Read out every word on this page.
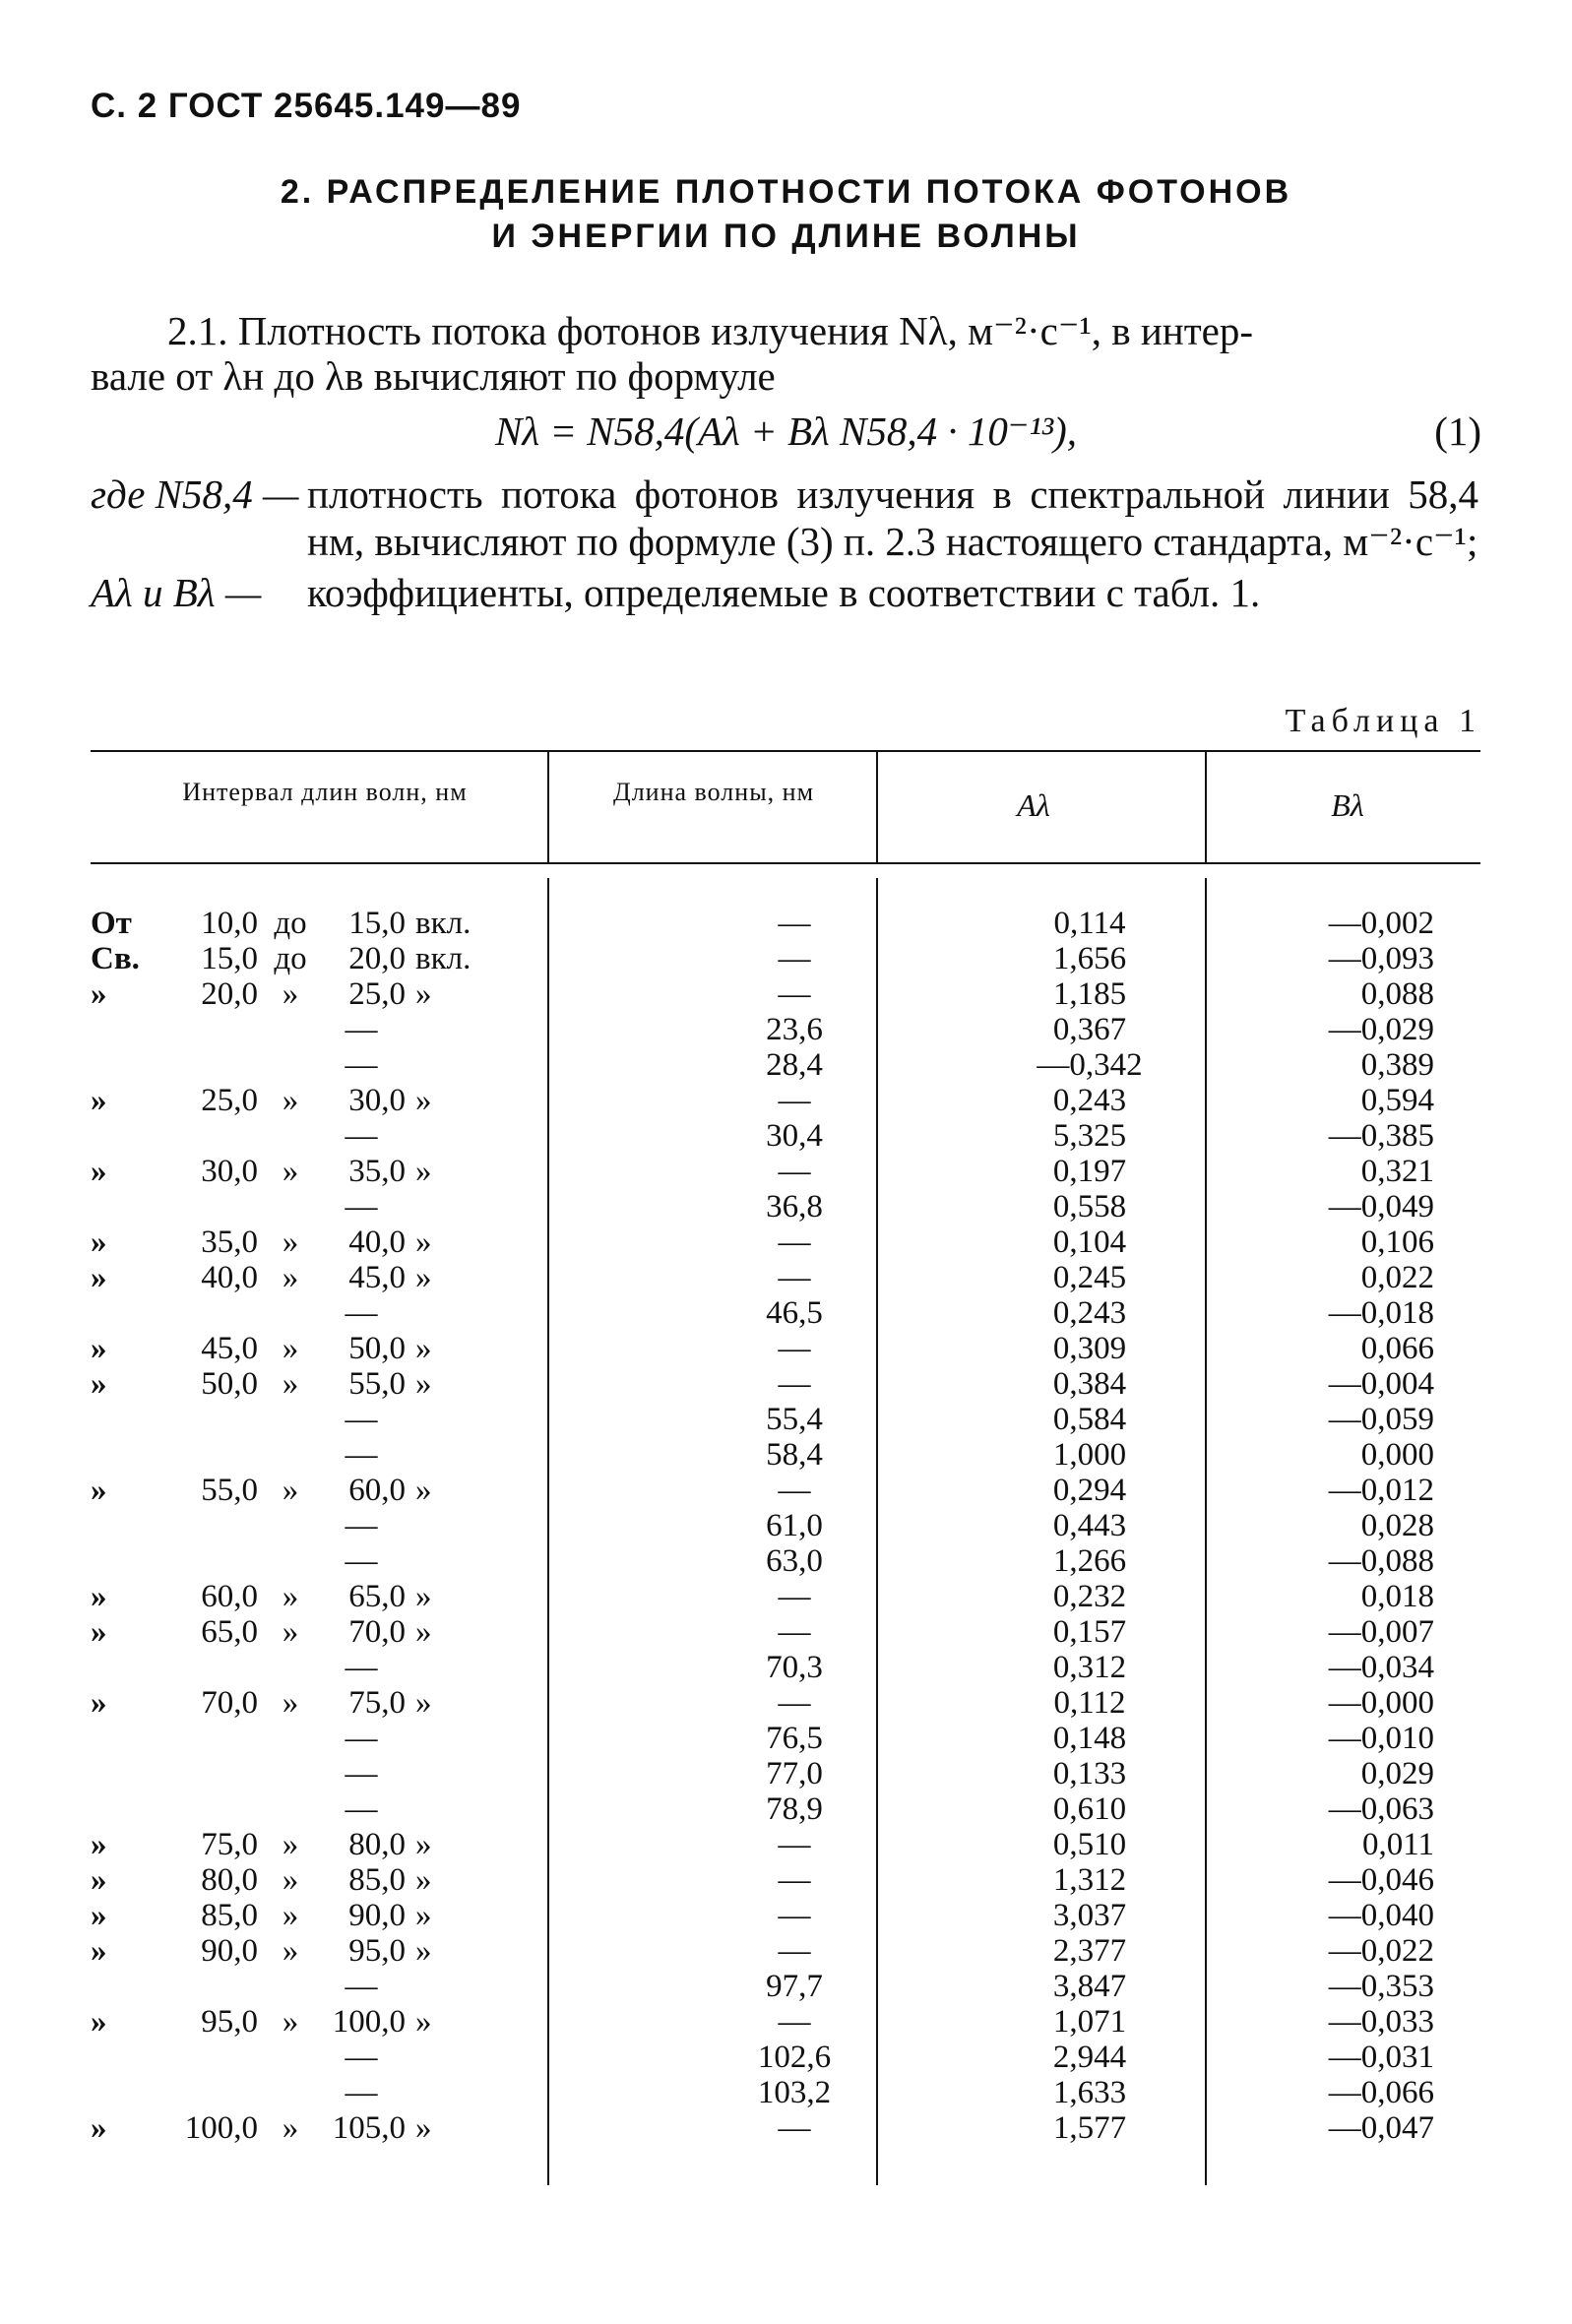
С. 2 ГОСТ 25645.149—89
2. РАСПРЕДЕЛЕНИЕ ПЛОТНОСТИ ПОТОКА ФОТОНОВ
И ЭНЕРГИИ ПО ДЛИНЕ ВОЛНЫ
2.1. Плотность потока фотонов излучения Nλ, м⁻²·с⁻¹, в интер-
вале от λн до λв вычисляют по формуле
Nλ = N58,4(Aλ + Bλ N58,4 · 10⁻¹³),	(1)
где N58,4 — плотность потока фотонов излучения в спектральной линии 58,4 нм, вычисляют по формуле (3) п. 2.3 настоящего стандарта, м⁻²·с⁻¹;
Aλ и Bλ —	коэффициенты, определяемые в соответствии с табл. 1.
Таблица 1
Интервал длин волн, нм	Длина волны, нм	Aλ	Bλ
От	10,0 до	15,0 вкл.	—	0,114	—0,002
Св.	15,0 до	20,0 вкл.	—	1,656	—0,093
»	20,0 »	25,0 »	—	1,185	0,088
—	23,6	0,367	—0,029
—	28,4	—0,342	0,389
»	25,0 »	30,0 »	—	0,243	0,594
—	30,4	5,325	—0,385
»	30,0 »	35,0 »	—	0,197	0,321
—	36,8	0,558	—0,049
»	35,0 »	40,0 »	—	0,104	0,106
»	40,0 »	45,0 »	—	0,245	0,022
—	46,5	0,243	—0,018
»	45,0 »	50,0 »	—	0,309	0,066
»	50,0 »	55,0 »	—	0,384	—0,004
—	55,4	0,584	—0,059
—	58,4	1,000	0,000
»	55,0 »	60,0 »	—	0,294	—0,012
—	61,0	0,443	0,028
—	63,0	1,266	—0,088
»	60,0 »	65,0 »	—	0,232	0,018
»	65,0 »	70,0 »	—	0,157	—0,007
—	70,3	0,312	—0,034
»	70,0 »	75,0 »	—	0,112	—0,000
—	76,5	0,148	—0,010
—	77,0	0,133	0,029
—	78,9	0,610	—0,063
»	75,0 »	80,0 »	—	0,510	0,011
»	80,0 »	85,0 »	—	1,312	—0,046
»	85,0 »	90,0 »	—	3,037	—0,040
»	90,0 »	95,0 »	—	2,377	—0,022
—	97,7	3,847	—0,353
»	95,0 »	100,0 »	—	1,071	—0,033
—	102,6	2,944	—0,031
—	103,2	1,633	—0,066
»	100,0 »	105,0 »	—	1,577	—0,047
